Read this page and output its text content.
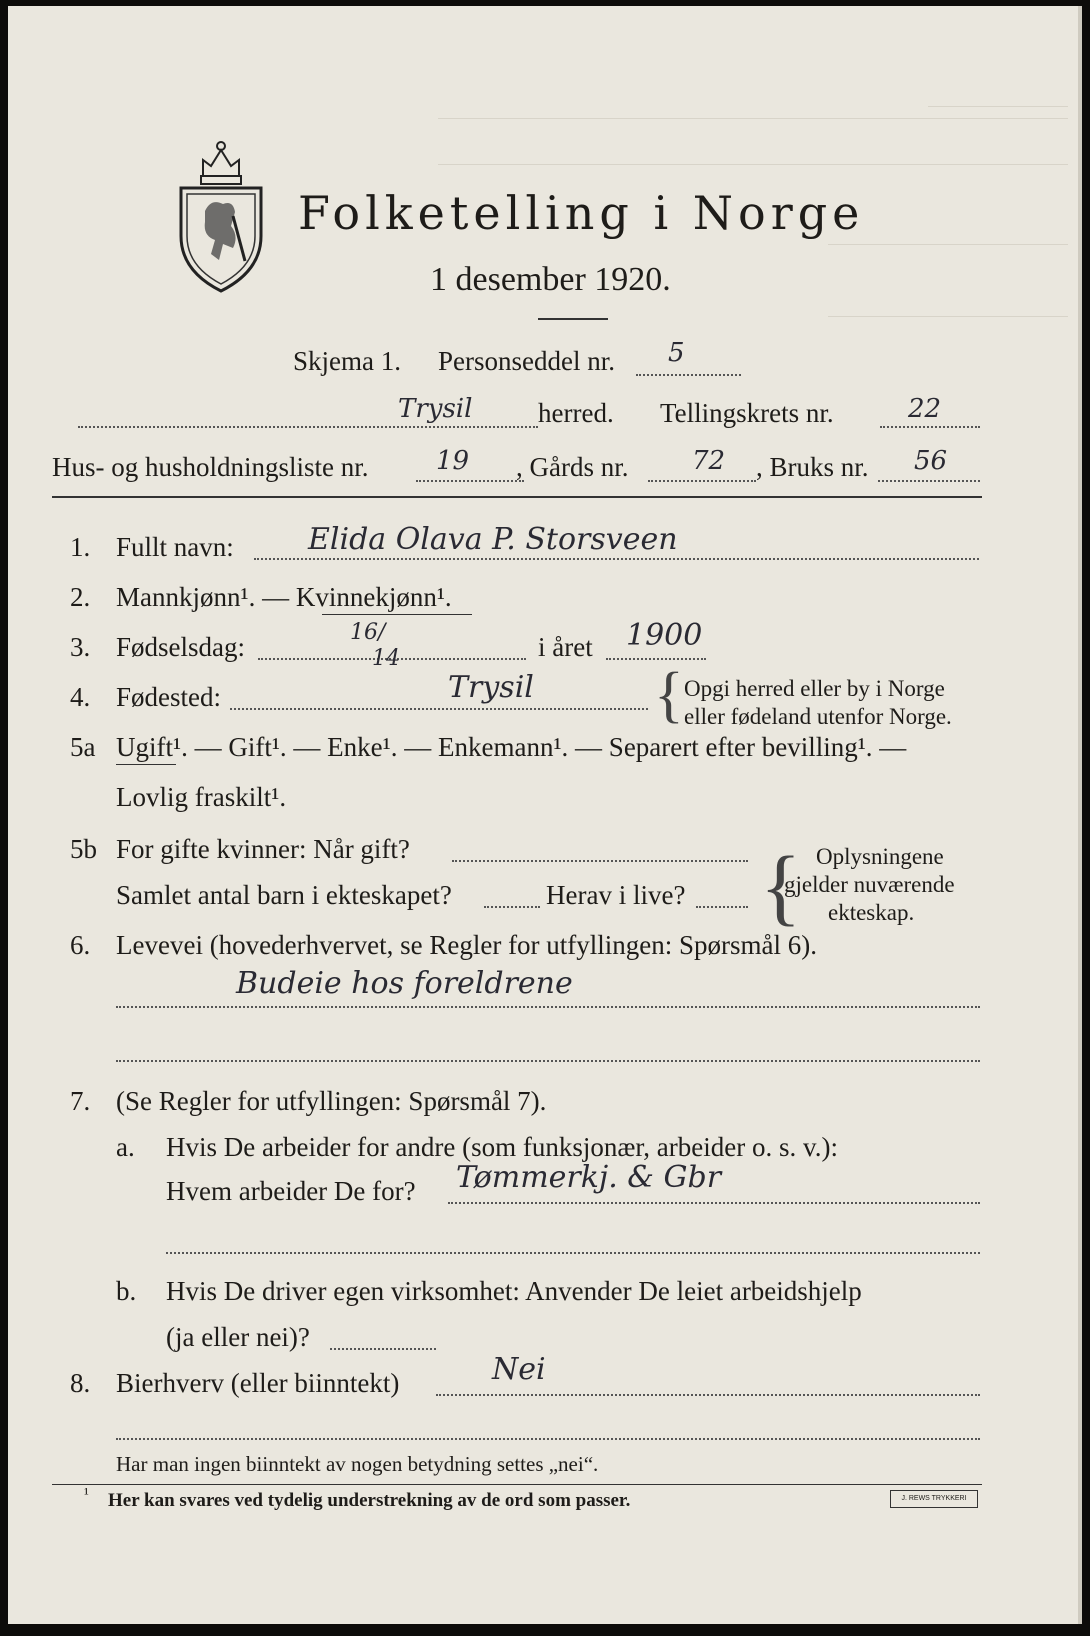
Folketelling i Norge
1 desember 1920.
Skjema 1. Personseddel nr. 5
Trysil herred. Tellingskrets nr.	22
Hus- og husholdningsliste nr.	19 , Gårds nr. 72 , Bruks nr. 56
1. Fullt navn: Elida Olava P. Storsveen
2. Mannkjønn¹. — Kvinnekjønn¹.
3. Fødselsdag:	16/
14	i året 1900
4. Fødested:	Trysil { Opgi herred eller by i Norge
eller fødeland utenfor Norge.
5a Ugift¹. — Gift¹. — Enke¹. — Enkemann¹. — Separert efter bevilling¹. —
Lovlig fraskilt¹.
5b For gifte kvinner: Når gift?
Samlet antal barn i ekteskapet?	Herav i live? { Oplysningene
gjelder nuværende
ekteskap.
6. Levevei (hovederhvervet, se Regler for utfyllingen: Spørsmål 6).
Budeie hos foreldrene
7. (Se Regler for utfyllingen: Spørsmål 7).
a. Hvis De arbeider for andre (som funksjonær, arbeider o. s. v.):
Hvem arbeider De for? Tømmerkj. & Gbr
b. Hvis De driver egen virksomhet: Anvender De leiet arbeidshjelp
(ja eller nei)?
8. Bierhverv (eller biinntekt)	Nei
Har man ingen biinntekt av nogen betydning settes „nei“.
¹ Her kan svares ved tydelig understrekning av de ord som passer.	J. REWS TRYKKERI
